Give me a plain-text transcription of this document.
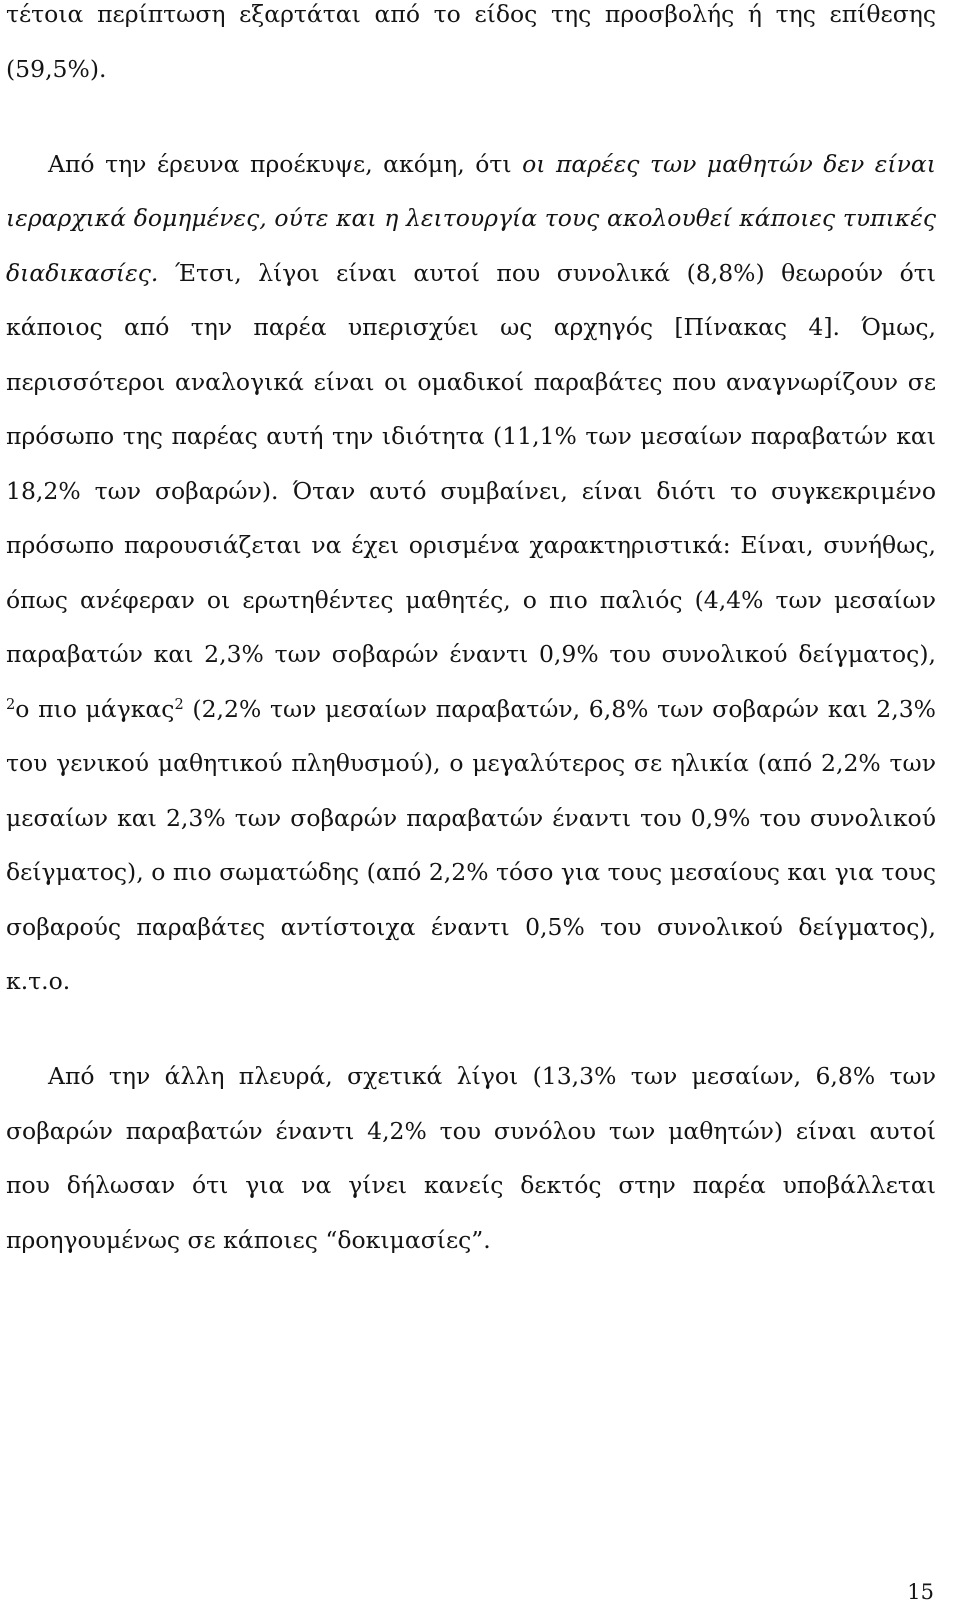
τέτοια περίπτωση εξαρτάται από το είδος της προσβολής ή της επίθεσης (59,5%).

Από την έρευνα προέκυψε, ακόμη, ότι οι παρέες των μαθητών δεν είναι ιεραρχικά δομημένες, ούτε και η λειτουργία τους ακολουθεί κάποιες τυπικές διαδικασίες. Έτσι, λίγοι είναι αυτοί που συνολικά (8,8%) θεωρούν ότι κάποιος από την παρέα υπερισχύει ως αρχηγός [Πίνακας 4]. Όμως, περισσότεροι αναλογικά είναι οι ομαδικοί παραβάτες που αναγνωρίζουν σε πρόσωπο της παρέας αυτή την ιδιότητα (11,1% των μεσαίων παραβατών και 18,2% των σοβαρών). Όταν αυτό συμβαίνει, είναι διότι το συγκεκριμένο πρόσωπο παρουσιάζεται να έχει ορισμένα χαρακτηριστικά: Είναι, συνήθως, όπως ανέφεραν οι ερωτηθέντες μαθητές, ο πιο παλιός (4,4% των μεσαίων παραβατών και 2,3% των σοβαρών έναντι 0,9% του συνολικού δείγματος), $^2$ο πιο μάγκας$^2$ (2,2% των μεσαίων παραβατών, 6,8% των σοβαρών και 2,3% του γενικού μαθητικού πληθυσμού), ο μεγαλύτερος σε ηλικία (από 2,2% των μεσαίων και 2,3% των σοβαρών παραβατών έναντι του 0,9% του συνολικού δείγματος), ο πιο σωματώδης (από 2,2% τόσο για τους μεσαίους και για τους σοβαρούς παραβάτες αντίστοιχα έναντι 0,5% του συνολικού δείγματος), κ.τ.ο.

Από την άλλη πλευρά, σχετικά λίγοι (13,3% των μεσαίων, 6,8% των σοβαρών παραβατών έναντι 4,2% του συνόλου των μαθητών) είναι αυτοί που δήλωσαν ότι για να γίνει κανείς δεκτός στην παρέα υποβάλλεται προηγουμένως σε κάποιες “δοκιμασίες”.

15
